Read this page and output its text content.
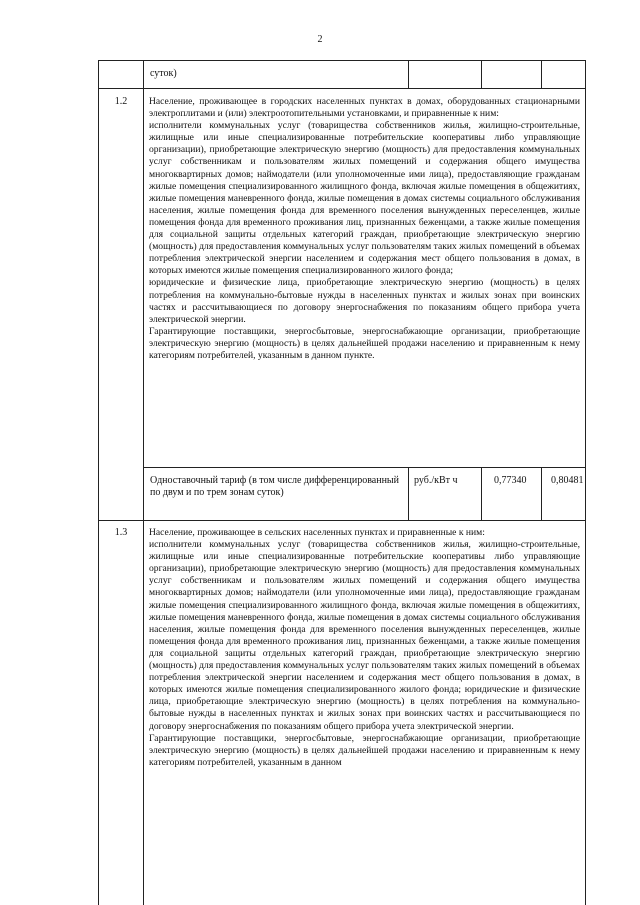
2
суток)
1.2	Население, проживающее в городских населенных пунктах в домах, оборудованных стационарными электроплитами и (или) электроотопительными установками, и приравненные к ним:

исполнители коммунальных услуг (товарищества собственников жилья, жилищно-строительные, жилищные или иные специализированные потребительские кооперативы либо управляющие организации), приобретающие электрическую энергию (мощность) для предоставления коммунальных услуг собственникам и пользователям жилых помещений и содержания общего имущества многоквартирных домов; наймодатели (или уполномоченные ими лица), предоставляющие гражданам жилые помещения специализированного жилищного фонда, включая жилые помещения в общежитиях, жилые помещения маневренного фонда, жилые помещения в домах системы социального обслуживания населения, жилые помещения фонда для временного поселения вынужденных переселенцев, жилые помещения фонда для временного проживания лиц, признанных беженцами, а также жилые помещения для социальной защиты отдельных категорий граждан, приобретающие электрическую энергию (мощность) для предоставления коммунальных услуг пользователям таких жилых помещений в объемах потребления электрической энергии населением и содержания мест общего пользования в домах, в которых имеются жилые помещения специализированного жилого фонда;

юридические и физические лица, приобретающие электрическую энергию (мощность) в целях потребления на коммунально-бытовые нужды в населенных пунктах и жилых зонах при воинских частях и рассчитывающиеся по договору энергоснабжения по показаниям общего прибора учета электрической энергии.

Гарантирующие поставщики, энергосбытовые, энергоснабжающие организации, приобретающие электрическую энергию (мощность) в целях дальнейшей продажи населению и приравненным к нему категориям потребителей, указанным в данном пункте.

Одноставочный тариф (в том числе дифференцированный по двум и по трем зонам суток)
руб./кВт ч	0,77340 0,80481
1.3	Население, проживающее в сельских населенных пунктах и приравненные к ним:

исполнители коммунальных услуг (товарищества собственников жилья, жилищно-строительные, жилищные или иные специализированные потребительские кооперативы либо управляющие организации), приобретающие электрическую энергию (мощность) для предоставления коммунальных услуг собственникам и пользователям жилых помещений и содержания общего имущества многоквартирных домов; наймодатели (или уполномоченные ими лица), предоставляющие гражданам жилые помещения специализированного жилищного фонда, включая жилые помещения в общежитиях, жилые помещения маневренного фонда, жилые помещения в домах системы социального обслуживания населения, жилые помещения фонда для временного поселения вынужденных переселенцев, жилые помещения фонда для временного проживания лиц, признанных беженцами, а также жилые помещения для социальной защиты отдельных категорий граждан, приобретающие электрическую энергию (мощность) для предоставления коммунальных услуг пользователям таких жилых помещений в объемах потребления электрической энергии населением и содержания мест общего пользования в домах, в которых имеются жилые помещения специализированного жилого фонда; юридические и физические лица, приобретающие электрическую энергию (мощность) в целях потребления на коммунально-бытовые нужды в населенных пунктах и жилых зонах при воинских частях и рассчитывающиеся по договору энергоснабжения по показаниям общего прибора учета электрической энергии.

Гарантирующие поставщики, энергосбытовые, энергоснабжающие организации, приобретающие электрическую энергию (мощность) в целях дальнейшей продажи населению и приравненным к нему категориям потребителей, указанным в данном
